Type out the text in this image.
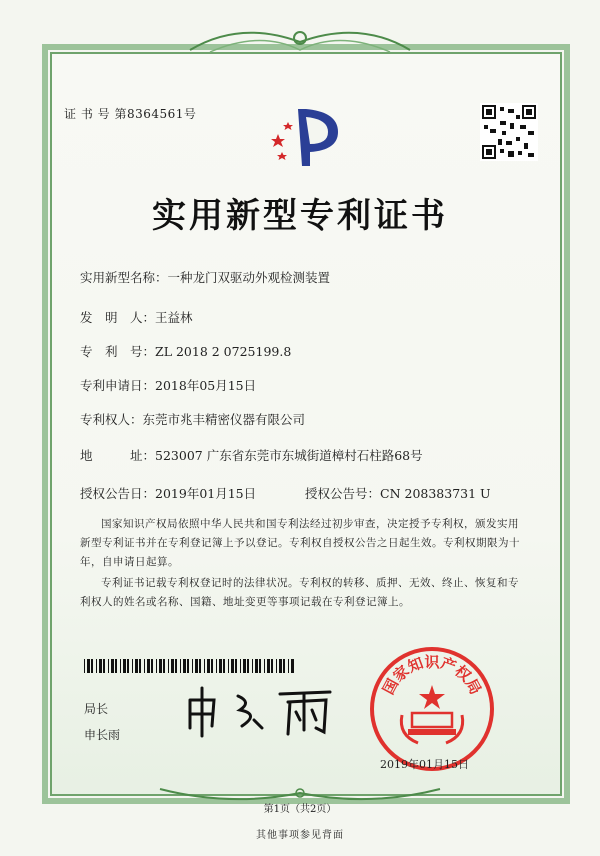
证 书 号 第8364561号
实用新型专利证书
实用新型名称：一种龙门双驱动外观检测装置
发　明　人：王益林
专　利　号：ZL 2018 2 0725199.8
专利申请日：2018年05月15日
专利权人：东莞市兆丰精密仪器有限公司
地　　　址：523007 广东省东莞市东城街道樟村石柱路68号
授权公告日：2019年01月15日	授权公告号：CN 208383731 U
国家知识产权局依照中华人民共和国专利法经过初步审查，决定授予专利权，颁发实用新型专利证书并在专利登记簿上予以登记。专利权自授权公告之日起生效。专利权期限为十年，自申请日起算。
专利证书记载专利权登记时的法律状况。专利权的转移、质押、无效、终止、恢复和专利权人的姓名或名称、国籍、地址变更等事项记载在专利登记簿上。
局长
申长雨
国家知识产权局
2019年01月15日
第1页（共2页）
其他事项参见背面
